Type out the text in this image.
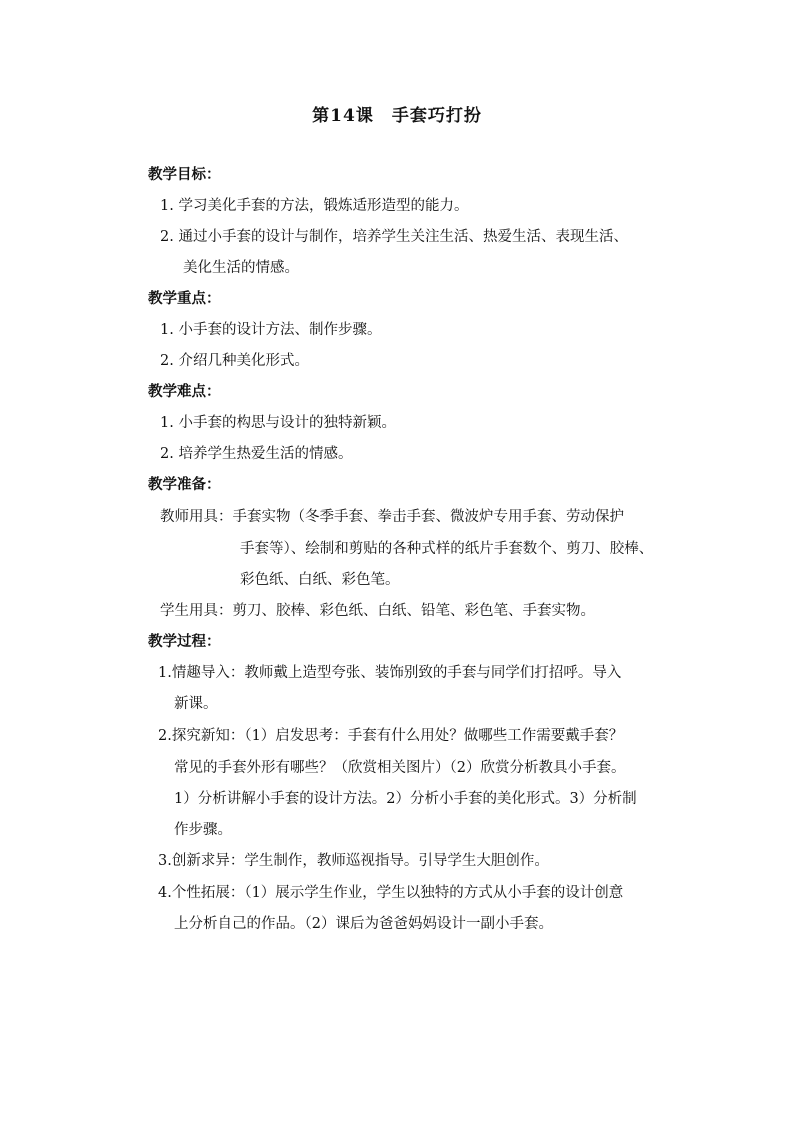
第14课　手套巧打扮
教学目标：
1. 学习美化手套的方法，锻炼适形造型的能力。
2. 通过小手套的设计与制作，培养学生关注生活、热爱生活、表现生活、
美化生活的情感。
教学重点：
1. 小手套的设计方法、制作步骤。
2. 介绍几种美化形式。
教学难点：
1. 小手套的构思与设计的独特新颖。
2. 培养学生热爱生活的情感。
教学准备：
教师用具：手套实物（冬季手套、拳击手套、微波炉专用手套、劳动保护
手套等）、绘制和剪贴的各种式样的纸片手套数个、剪刀、胶棒、
彩色纸、白纸、彩色笔。
学生用具：剪刀、胶棒、彩色纸、白纸、铅笔、彩色笔、手套实物。
教学过程：
1.情趣导入：教师戴上造型夸张、装饰别致的手套与同学们打招呼。导入
新课。
2.探究新知：（1）启发思考：手套有什么用处？做哪些工作需要戴手套？
常见的手套外形有哪些？（欣赏相关图片）（2）欣赏分析教具小手套。
1）分析讲解小手套的设计方法。2）分析小手套的美化形式。3）分析制
作步骤。
3.创新求异：学生制作，教师巡视指导。引导学生大胆创作。
4.个性拓展：（1）展示学生作业，学生以独特的方式从小手套的设计创意
上分析自己的作品。（2）课后为爸爸妈妈设计一副小手套。
